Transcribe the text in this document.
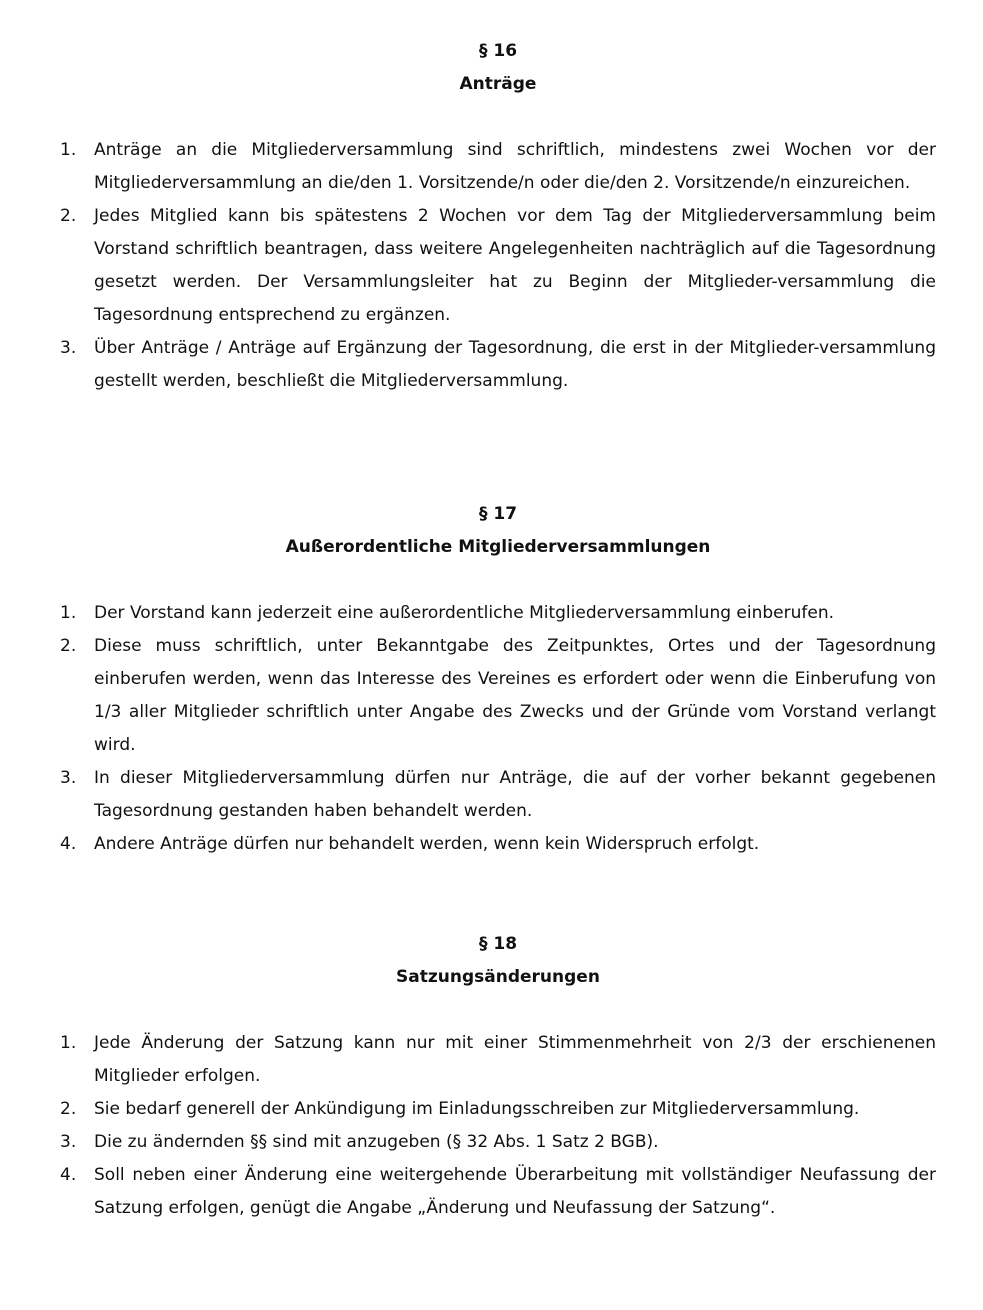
§ 16

Anträge

1.	Anträge an die Mitgliederversammlung sind schriftlich, mindestens zwei Wochen vor der Mitgliederversammlung an die/den 1. Vorsitzende/n oder die/den 2. Vorsitzende/n einzureichen.
2.	Jedes Mitglied kann bis spätestens 2 Wochen vor dem Tag der Mitgliederversammlung beim Vorstand schriftlich beantragen, dass weitere Angelegenheiten nachträglich auf die Tagesordnung gesetzt werden. Der Versammlungsleiter hat zu Beginn der Mitglieder-versammlung die Tagesordnung entsprechend zu ergänzen.
3.	Über Anträge / Anträge auf Ergänzung der Tagesordnung, die erst in der Mitglieder-versammlung gestellt werden, beschließt die Mitgliederversammlung.

§ 17

Außerordentliche Mitgliederversammlungen

1.	Der Vorstand kann jederzeit eine außerordentliche Mitgliederversammlung einberufen.
2.	Diese muss schriftlich, unter Bekanntgabe des Zeitpunktes, Ortes und der Tagesordnung einberufen werden, wenn das Interesse des Vereines es erfordert oder wenn die Einberufung von 1/3 aller Mitglieder schriftlich unter Angabe des Zwecks und der Gründe vom Vorstand verlangt wird.
3.	In dieser Mitgliederversammlung dürfen nur Anträge, die auf der vorher bekannt gegebenen Tagesordnung gestanden haben behandelt werden.
4.	Andere Anträge dürfen nur behandelt werden, wenn kein Widerspruch erfolgt.

§ 18

Satzungsänderungen

1.	Jede Änderung der Satzung kann nur mit einer Stimmenmehrheit von 2/3 der erschienenen Mitglieder erfolgen.
2.	Sie bedarf generell der Ankündigung im Einladungsschreiben zur Mitgliederversammlung.
3.	Die zu ändernden §§ sind mit anzugeben (§ 32 Abs. 1 Satz 2 BGB).
4.	Soll neben einer Änderung eine weitergehende Überarbeitung mit vollständiger Neufassung der Satzung erfolgen, genügt die Angabe „Änderung und Neufassung der Satzung“.
